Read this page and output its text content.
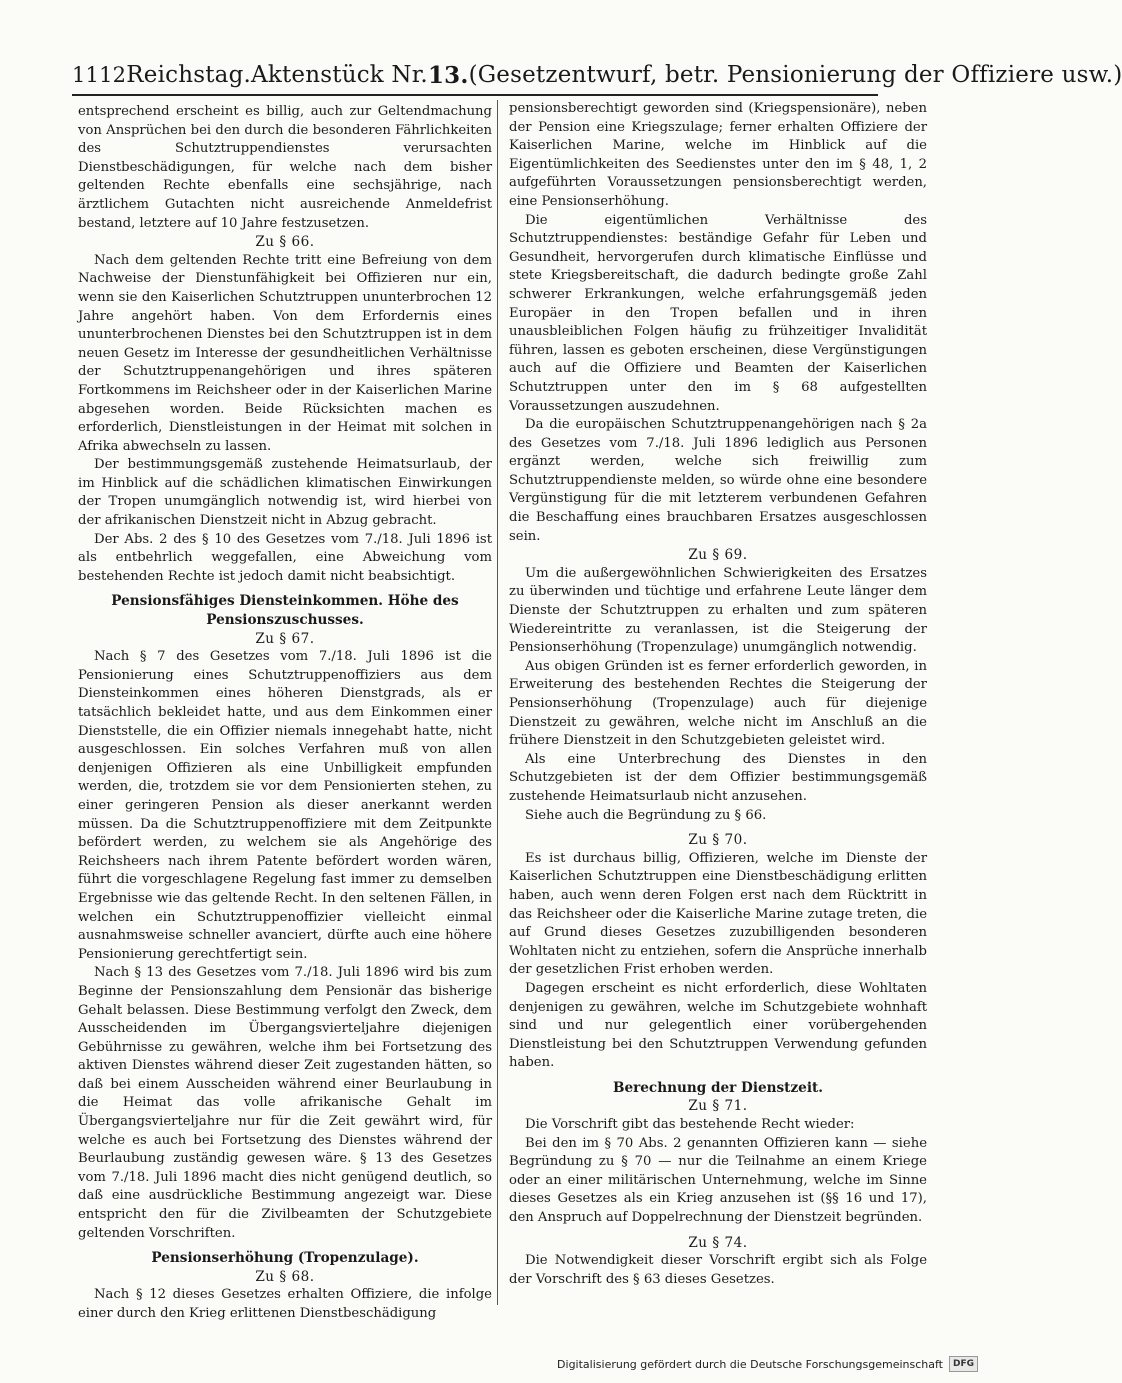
1112 Reichstag. Aktenstück Nr. 13. (Gesetzentwurf, betr. Pensionierung der Offiziere usw.)

entsprechend erscheint es billig, auch zur Geltendmachung von Ansprüchen bei den durch die besonderen Fährlichkeiten des Schutztruppendienstes verursachten Dienstbeschädigungen, für welche nach dem bisher geltenden Rechte ebenfalls eine sechsjährige, nach ärztlichem Gutachten nicht ausreichende Anmeldefrist bestand, letztere auf 10 Jahre festzusetzen.

Zu § 66.

Nach dem geltenden Rechte tritt eine Befreiung von dem Nachweise der Dienstunfähigkeit bei Offizieren nur ein, wenn sie den Kaiserlichen Schutztruppen ununterbrochen 12 Jahre angehört haben. Von dem Erfordernis eines ununterbrochenen Dienstes bei den Schutztruppen ist in dem neuen Gesetz im Interesse der gesundheitlichen Verhältnisse der Schutztruppenangehörigen und ihres späteren Fortkommens im Reichsheer oder in der Kaiserlichen Marine abgesehen worden. Beide Rücksichten machen es erforderlich, Dienstleistungen in der Heimat mit solchen in Afrika abwechseln zu lassen.

Der bestimmungsgemäß zustehende Heimatsurlaub, der im Hinblick auf die schädlichen klimatischen Einwirkungen der Tropen unumgänglich notwendig ist, wird hierbei von der afrikanischen Dienstzeit nicht in Abzug gebracht.

Der Abs. 2 des § 10 des Gesetzes vom 7./18. Juli 1896 ist als entbehrlich weggefallen, eine Abweichung vom bestehenden Rechte ist jedoch damit nicht beabsichtigt.

Pensionsfähiges Diensteinkommen. Höhe des Pensionszuschusses.
Zu § 67.

Nach § 7 des Gesetzes vom 7./18. Juli 1896 ist die Pensionierung eines Schutztruppenoffiziers aus dem Diensteinkommen eines höheren Dienstgrads, als er tatsächlich bekleidet hatte, und aus dem Einkommen einer Dienststelle, die ein Offizier niemals innegehabt hatte, nicht ausgeschlossen. Ein solches Verfahren muß von allen denjenigen Offizieren als eine Unbilligkeit empfunden werden, die, trotzdem sie vor dem Pensionierten stehen, zu einer geringeren Pension als dieser anerkannt werden müssen. Da die Schutztruppenoffiziere mit dem Zeitpunkte befördert werden, zu welchem sie als Angehörige des Reichsheers nach ihrem Patente befördert worden wären, führt die vorgeschlagene Regelung fast immer zu demselben Ergebnisse wie das geltende Recht. In den seltenen Fällen, in welchen ein Schutztruppenoffizier vielleicht einmal ausnahmsweise schneller avanciert, dürfte auch eine höhere Pensionierung gerechtfertigt sein.

Nach § 13 des Gesetzes vom 7./18. Juli 1896 wird bis zum Beginne der Pensionszahlung dem Pensionär das bisherige Gehalt belassen. Diese Bestimmung verfolgt den Zweck, dem Ausscheidenden im Übergangsvierteljahre diejenigen Gebührnisse zu gewähren, welche ihm bei Fortsetzung des aktiven Dienstes während dieser Zeit zugestanden hätten, so daß bei einem Ausscheiden während einer Beurlaubung in die Heimat das volle afrikanische Gehalt im Übergangsvierteljahre nur für die Zeit gewährt wird, für welche es auch bei Fortsetzung des Dienstes während der Beurlaubung zuständig gewesen wäre. § 13 des Gesetzes vom 7./18. Juli 1896 macht dies nicht genügend deutlich, so daß eine ausdrückliche Bestimmung angezeigt war. Diese entspricht den für die Zivilbeamten der Schutzgebiete geltenden Vorschriften.

Pensionserhöhung (Tropenzulage).
Zu § 68.

Nach § 12 dieses Gesetzes erhalten Offiziere, die infolge einer durch den Krieg erlittenen Dienstbeschädigung

pensionsberechtigt geworden sind (Kriegspensionäre), neben der Pension eine Kriegszulage; ferner erhalten Offiziere der Kaiserlichen Marine, welche im Hinblick auf die Eigentümlichkeiten des Seedienstes unter den im § 48, 1, 2 aufgeführten Voraussetzungen pensionsberechtigt werden, eine Pensionserhöhung.

Die eigentümlichen Verhältnisse des Schutztruppendienstes: beständige Gefahr für Leben und Gesundheit, hervorgerufen durch klimatische Einflüsse und stete Kriegsbereitschaft, die dadurch bedingte große Zahl schwerer Erkrankungen, welche erfahrungsgemäß jeden Europäer in den Tropen befallen und in ihren unausbleiblichen Folgen häufig zu frühzeitiger Invalidität führen, lassen es geboten erscheinen, diese Vergünstigungen auch auf die Offiziere und Beamten der Kaiserlichen Schutztruppen unter den im § 68 aufgestellten Voraussetzungen auszudehnen.

Da die europäischen Schutztruppenangehörigen nach § 2a des Gesetzes vom 7./18. Juli 1896 lediglich aus Personen ergänzt werden, welche sich freiwillig zum Schutztruppendienste melden, so würde ohne eine besondere Vergünstigung für die mit letzterem verbundenen Gefahren die Beschaffung eines brauchbaren Ersatzes ausgeschlossen sein.

Zu § 69.

Um die außergewöhnlichen Schwierigkeiten des Ersatzes zu überwinden und tüchtige und erfahrene Leute länger dem Dienste der Schutztruppen zu erhalten und zum späteren Wiedereintritte zu veranlassen, ist die Steigerung der Pensionserhöhung (Tropenzulage) unumgänglich notwendig.

Aus obigen Gründen ist es ferner erforderlich geworden, in Erweiterung des bestehenden Rechtes die Steigerung der Pensionserhöhung (Tropenzulage) auch für diejenige Dienstzeit zu gewähren, welche nicht im Anschluß an die frühere Dienstzeit in den Schutzgebieten geleistet wird.

Als eine Unterbrechung des Dienstes in den Schutzgebieten ist der dem Offizier bestimmungsgemäß zustehende Heimatsurlaub nicht anzusehen.

Siehe auch die Begründung zu § 66.

Zu § 70.

Es ist durchaus billig, Offizieren, welche im Dienste der Kaiserlichen Schutztruppen eine Dienstbeschädigung erlitten haben, auch wenn deren Folgen erst nach dem Rücktritt in das Reichsheer oder die Kaiserliche Marine zutage treten, die auf Grund dieses Gesetzes zuzubilligenden besonderen Wohltaten nicht zu entziehen, sofern die Ansprüche innerhalb der gesetzlichen Frist erhoben werden.

Dagegen erscheint es nicht erforderlich, diese Wohltaten denjenigen zu gewähren, welche im Schutzgebiete wohnhaft sind und nur gelegentlich einer vorübergehenden Dienstleistung bei den Schutztruppen Verwendung gefunden haben.

Berechnung der Dienstzeit.
Zu § 71.

Die Vorschrift gibt das bestehende Recht wieder:

Bei den im § 70 Abs. 2 genannten Offizieren kann — siehe Begründung zu § 70 — nur die Teilnahme an einem Kriege oder an einer militärischen Unternehmung, welche im Sinne dieses Gesetzes als ein Krieg anzusehen ist (§§ 16 und 17), den Anspruch auf Doppelrechnung der Dienstzeit begründen.

Zu § 74.

Die Notwendigkeit dieser Vorschrift ergibt sich als Folge der Vorschrift des § 63 dieses Gesetzes.

Digitalisierung gefördert durch die Deutsche Forschungsgemeinschaft	DFG
